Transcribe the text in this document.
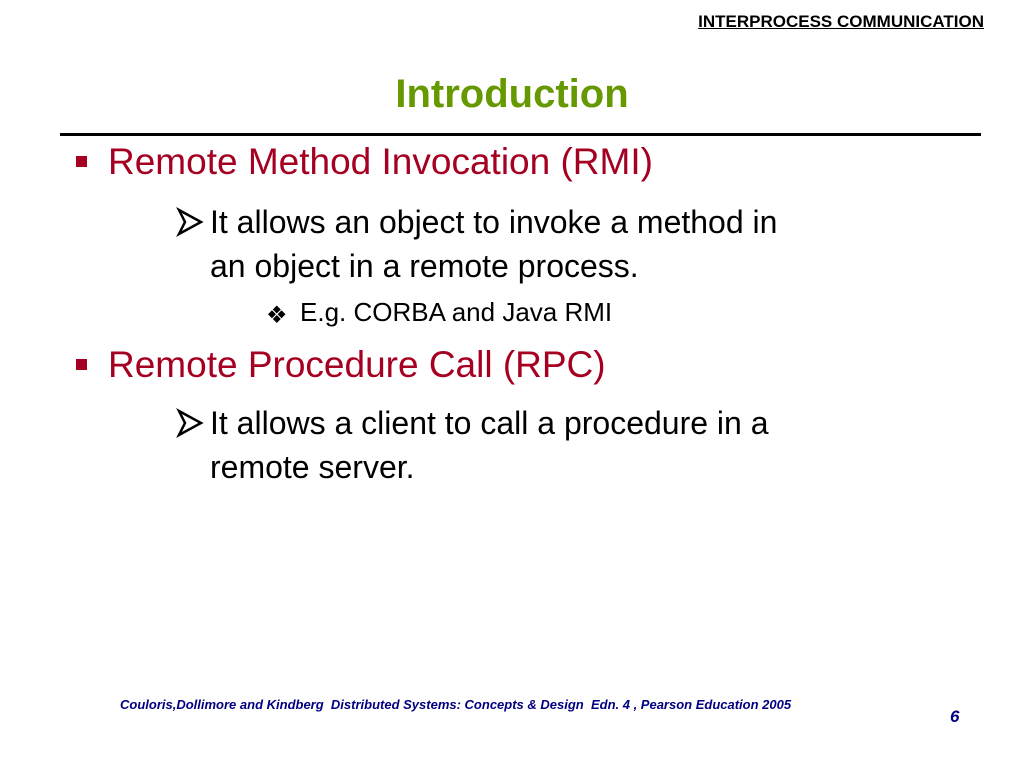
INTERPROCESS COMMUNICATION
Introduction
Remote Method Invocation (RMI)
It allows an object to invoke a method in
an object in a remote process.
❖ E.g. CORBA and Java RMI
Remote Procedure Call (RPC)
It allows a client to call a procedure in a
remote server.
Couloris,Dollimore and Kindberg  Distributed Systems: Concepts & Design  Edn. 4 , Pearson Education 2005
6
